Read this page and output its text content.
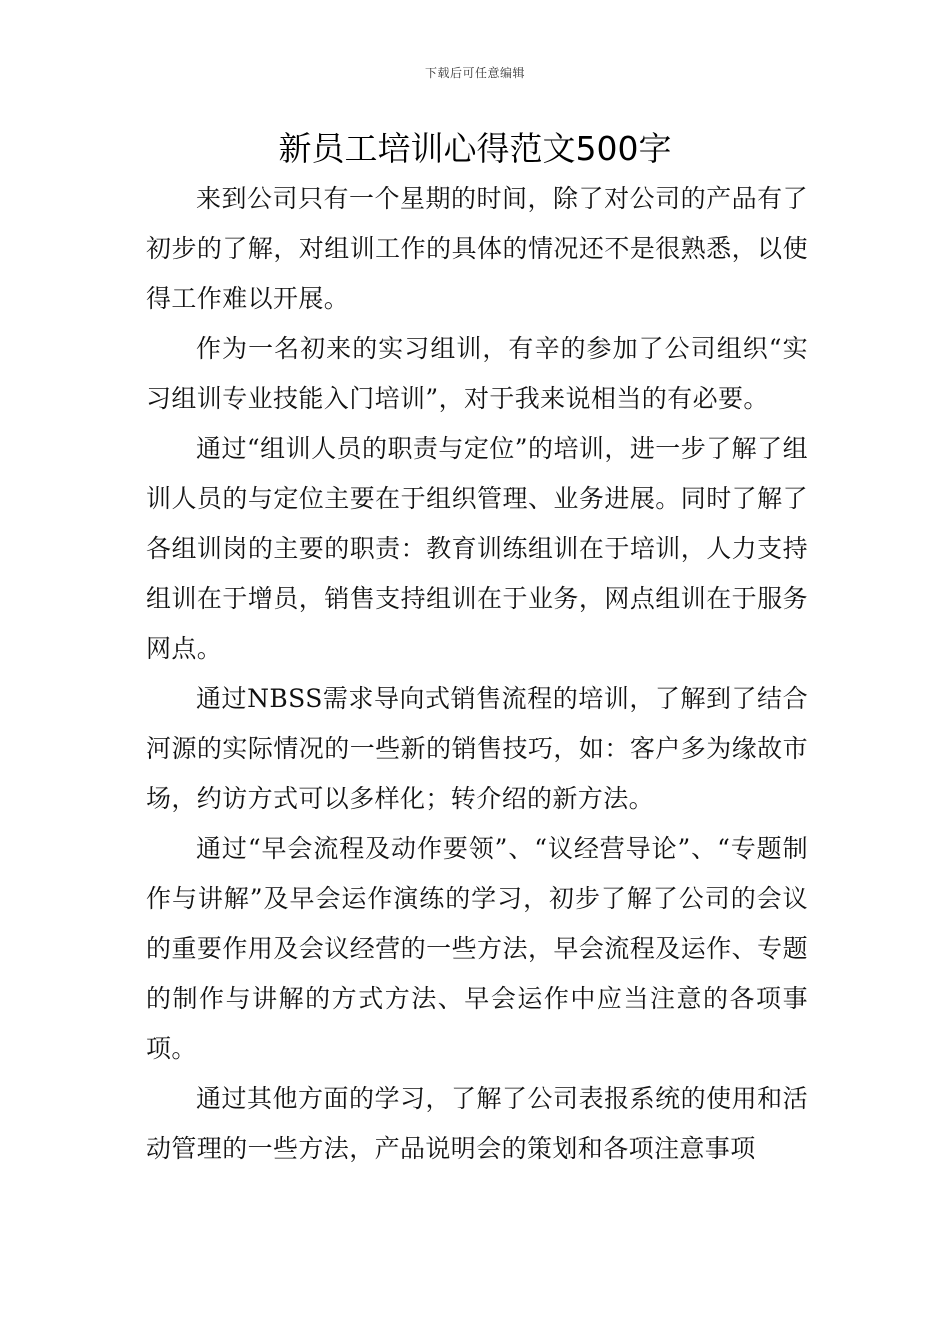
下载后可任意编辑
新员工培训心得范文500字

来到公司只有一个星期的时间，除了对公司的产品有了初步的了解，对组训工作的具体的情况还不是很熟悉，以使得工作难以开展。

作为一名初来的实习组训，有辛的参加了公司组织“实习组训专业技能入门培训”，对于我来说相当的有必要。

通过“组训人员的职责与定位”的培训，进一步了解了组训人员的与定位主要在于组织管理、业务进展。同时了解了各组训岗的主要的职责：教育训练组训在于培训，人力支持组训在于增员，销售支持组训在于业务，网点组训在于服务网点。

通过NBSS需求导向式销售流程的培训，了解到了结合河源的实际情况的一些新的销售技巧，如：客户多为缘故市场，约访方式可以多样化；转介绍的新方法。

通过“早会流程及动作要领”、“议经营导论”、“专题制作与讲解”及早会运作演练的学习，初步了解了公司的会议的重要作用及会议经营的一些方法，早会流程及运作、专题的制作与讲解的方式方法、早会运作中应当注意的各项事项。

通过其他方面的学习，了解了公司表报系统的使用和活动管理的一些方法，产品说明会的策划和各项注意事项
